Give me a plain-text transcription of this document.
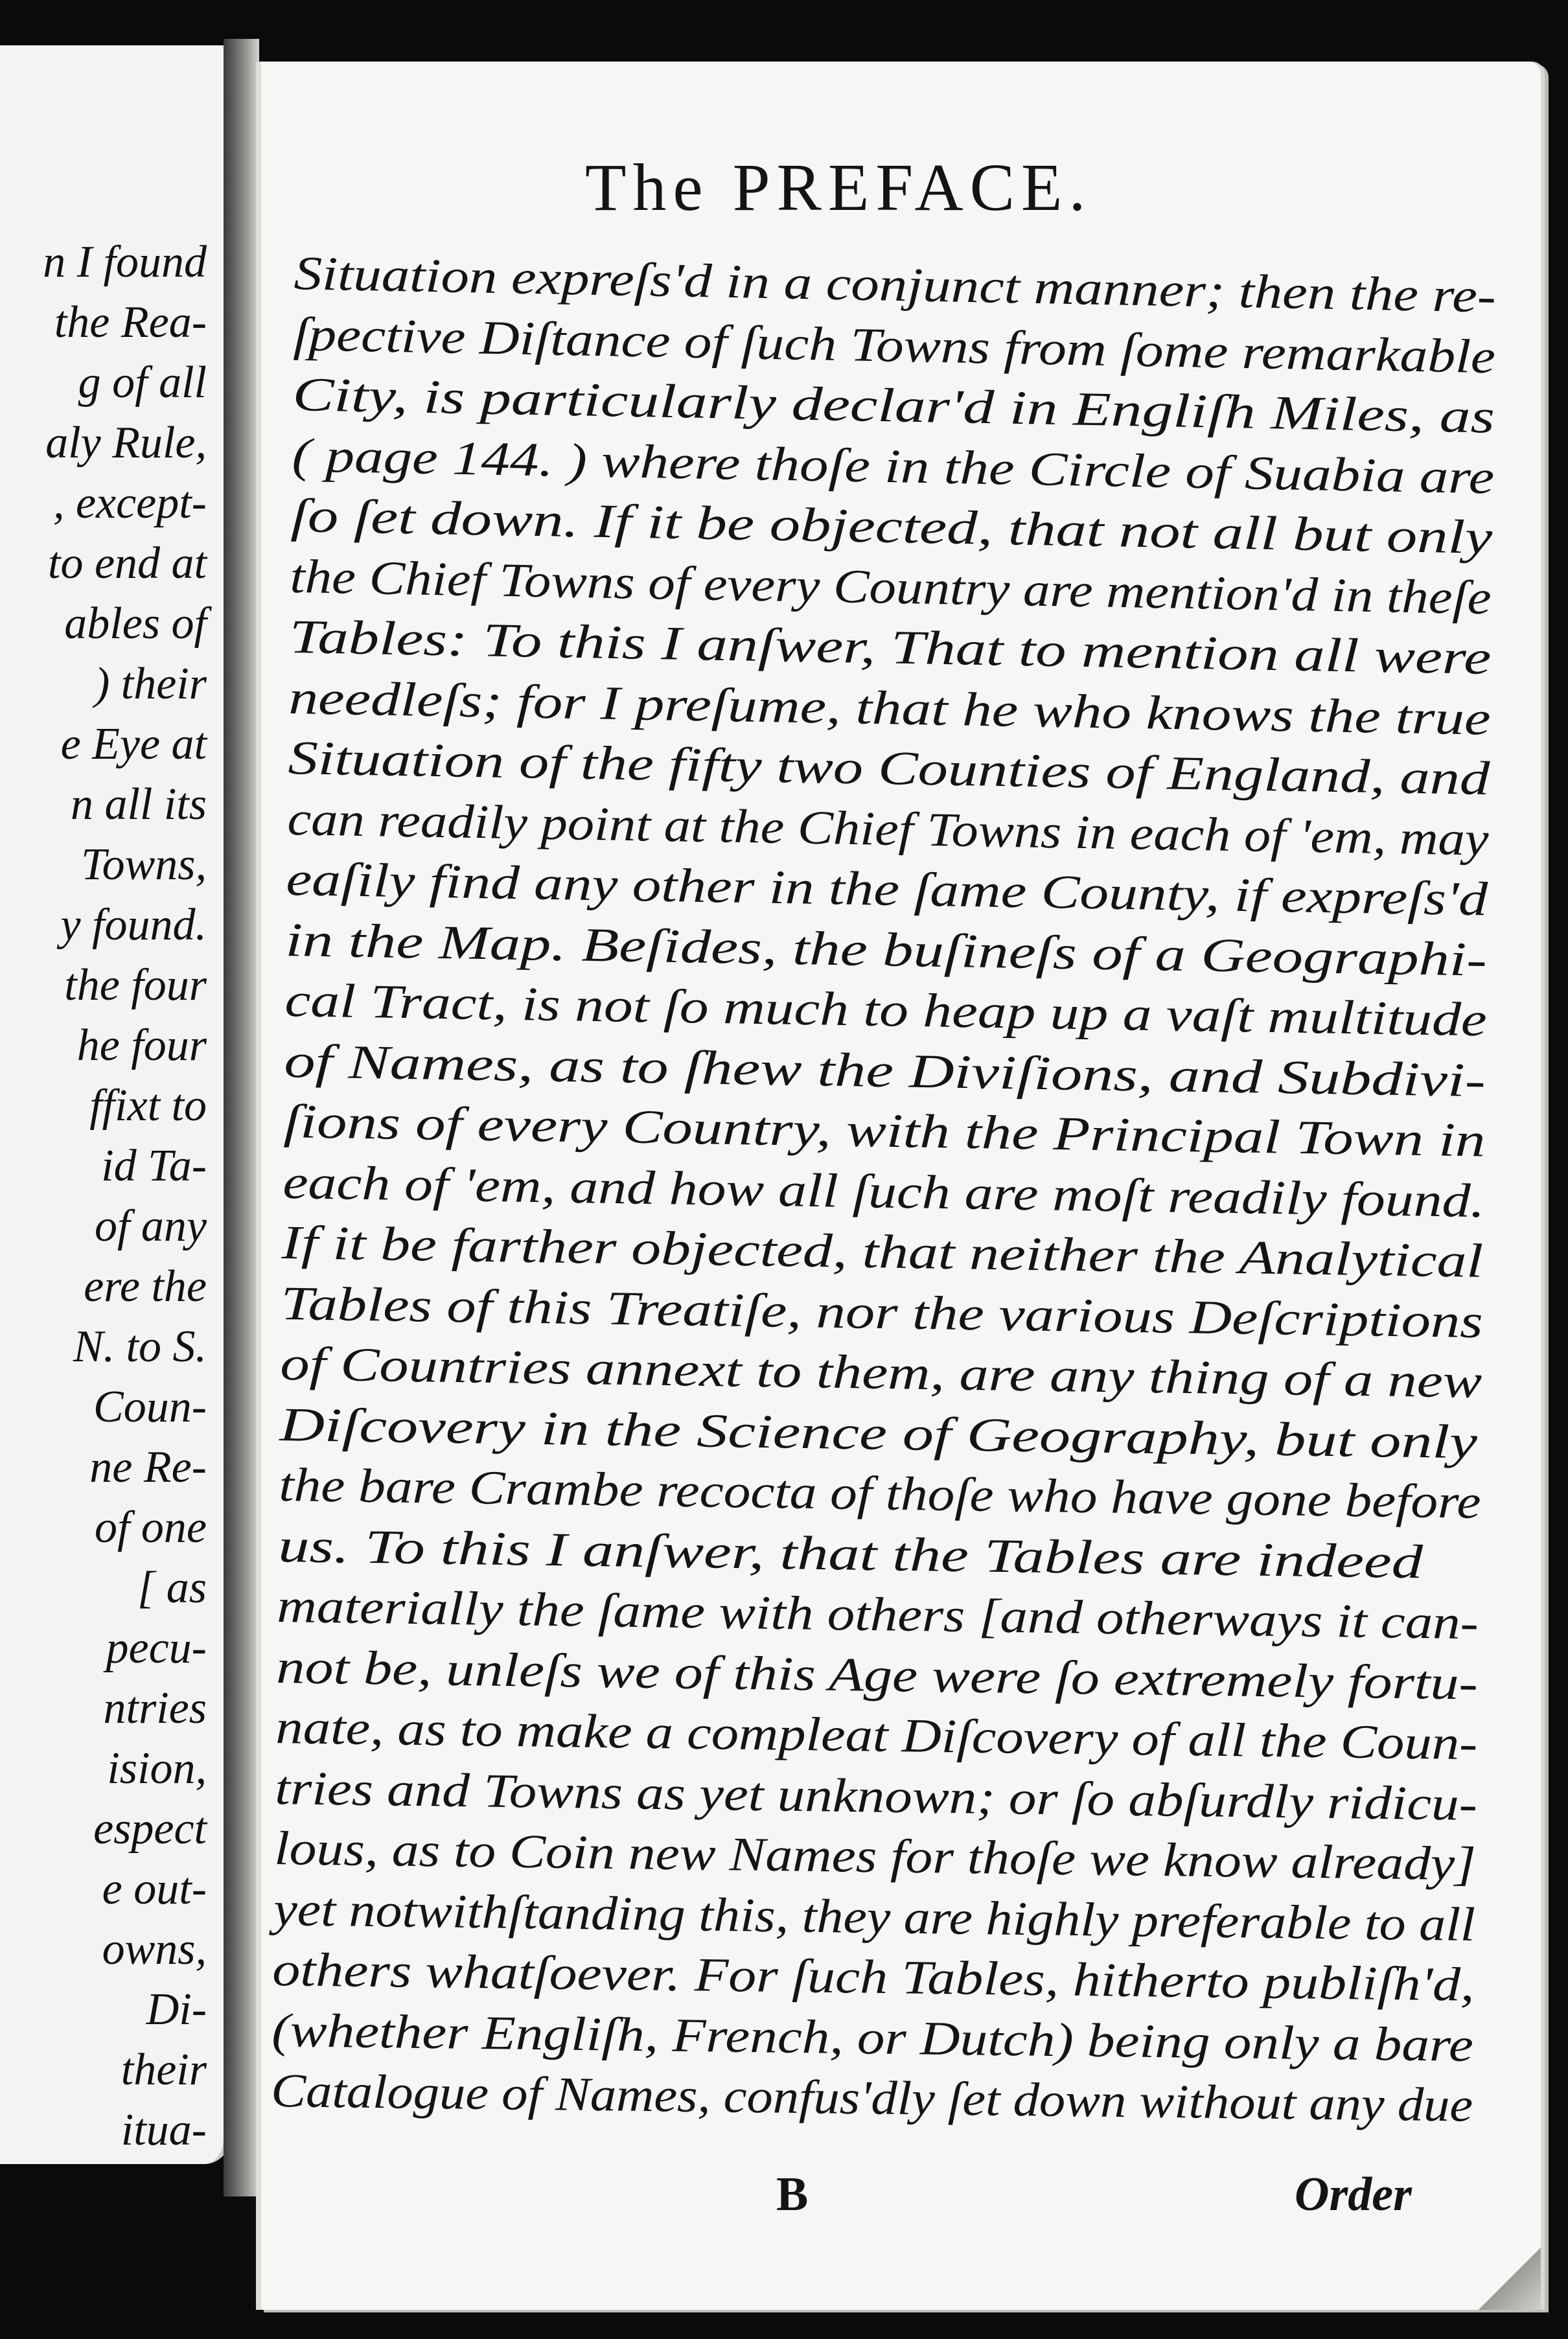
n I found
the Rea-
g of all
aly Rule,
, except-
to end at
ables of
) their
e Eye at
n all its
Towns,
y found.
the four
he four
ffixt to
id Ta-
of any
ere the
N. to S.
Coun-
ne Re-
of one
[ as
pecu-
ntries
ision,
espect
e out-
owns,
Di-
their
itua-
The PREFACE.
Situation expreſs'd in a conjunct manner; then the re-
ſpective Diſtance of ſuch Towns from ſome remarkable
City, is particularly declar'd in Engliſh Miles, as
( page 144. ) where thoſe in the Circle of Suabia are
ſo ſet down. If it be objected, that not all but only
the Chief Towns of every Country are mention'd in theſe
Tables: To this I anſwer, That to mention all were
needleſs; for I preſume, that he who knows the true
Situation of the fifty two Counties of England, and
can readily point at the Chief Towns in each of 'em, may
eaſily find any other in the ſame County, if expreſs'd
in the Map. Beſides, the buſineſs of a Geographi-
cal Tract, is not ſo much to heap up a vaſt multitude
of Names, as to ſhew the Diviſions, and Subdivi-
ſions of every Country, with the Principal Town in
each of 'em, and how all ſuch are moſt readily found.
If it be farther objected, that neither the Analytical
Tables of this Treatiſe, nor the various Deſcriptions
of Countries annext to them, are any thing of a new
Diſcovery in the Science of Geography, but only
the bare Crambe recocta of thoſe who have gone before
us. To this I anſwer, that the Tables are indeed
materially the ſame with others [and otherways it can-
not be, unleſs we of this Age were ſo extremely fortu-
nate, as to make a compleat Diſcovery of all the Coun-
tries and Towns as yet unknown; or ſo abſurdly ridicu-
lous, as to Coin new Names for thoſe we know already]
yet notwithſtanding this, they are highly preferable to all
others whatſoever. For ſuch Tables, hitherto publiſh'd,
(whether Engliſh, French, or Dutch) being only a bare
Catalogue of Names, confus'dly ſet down without any due
B	Order
